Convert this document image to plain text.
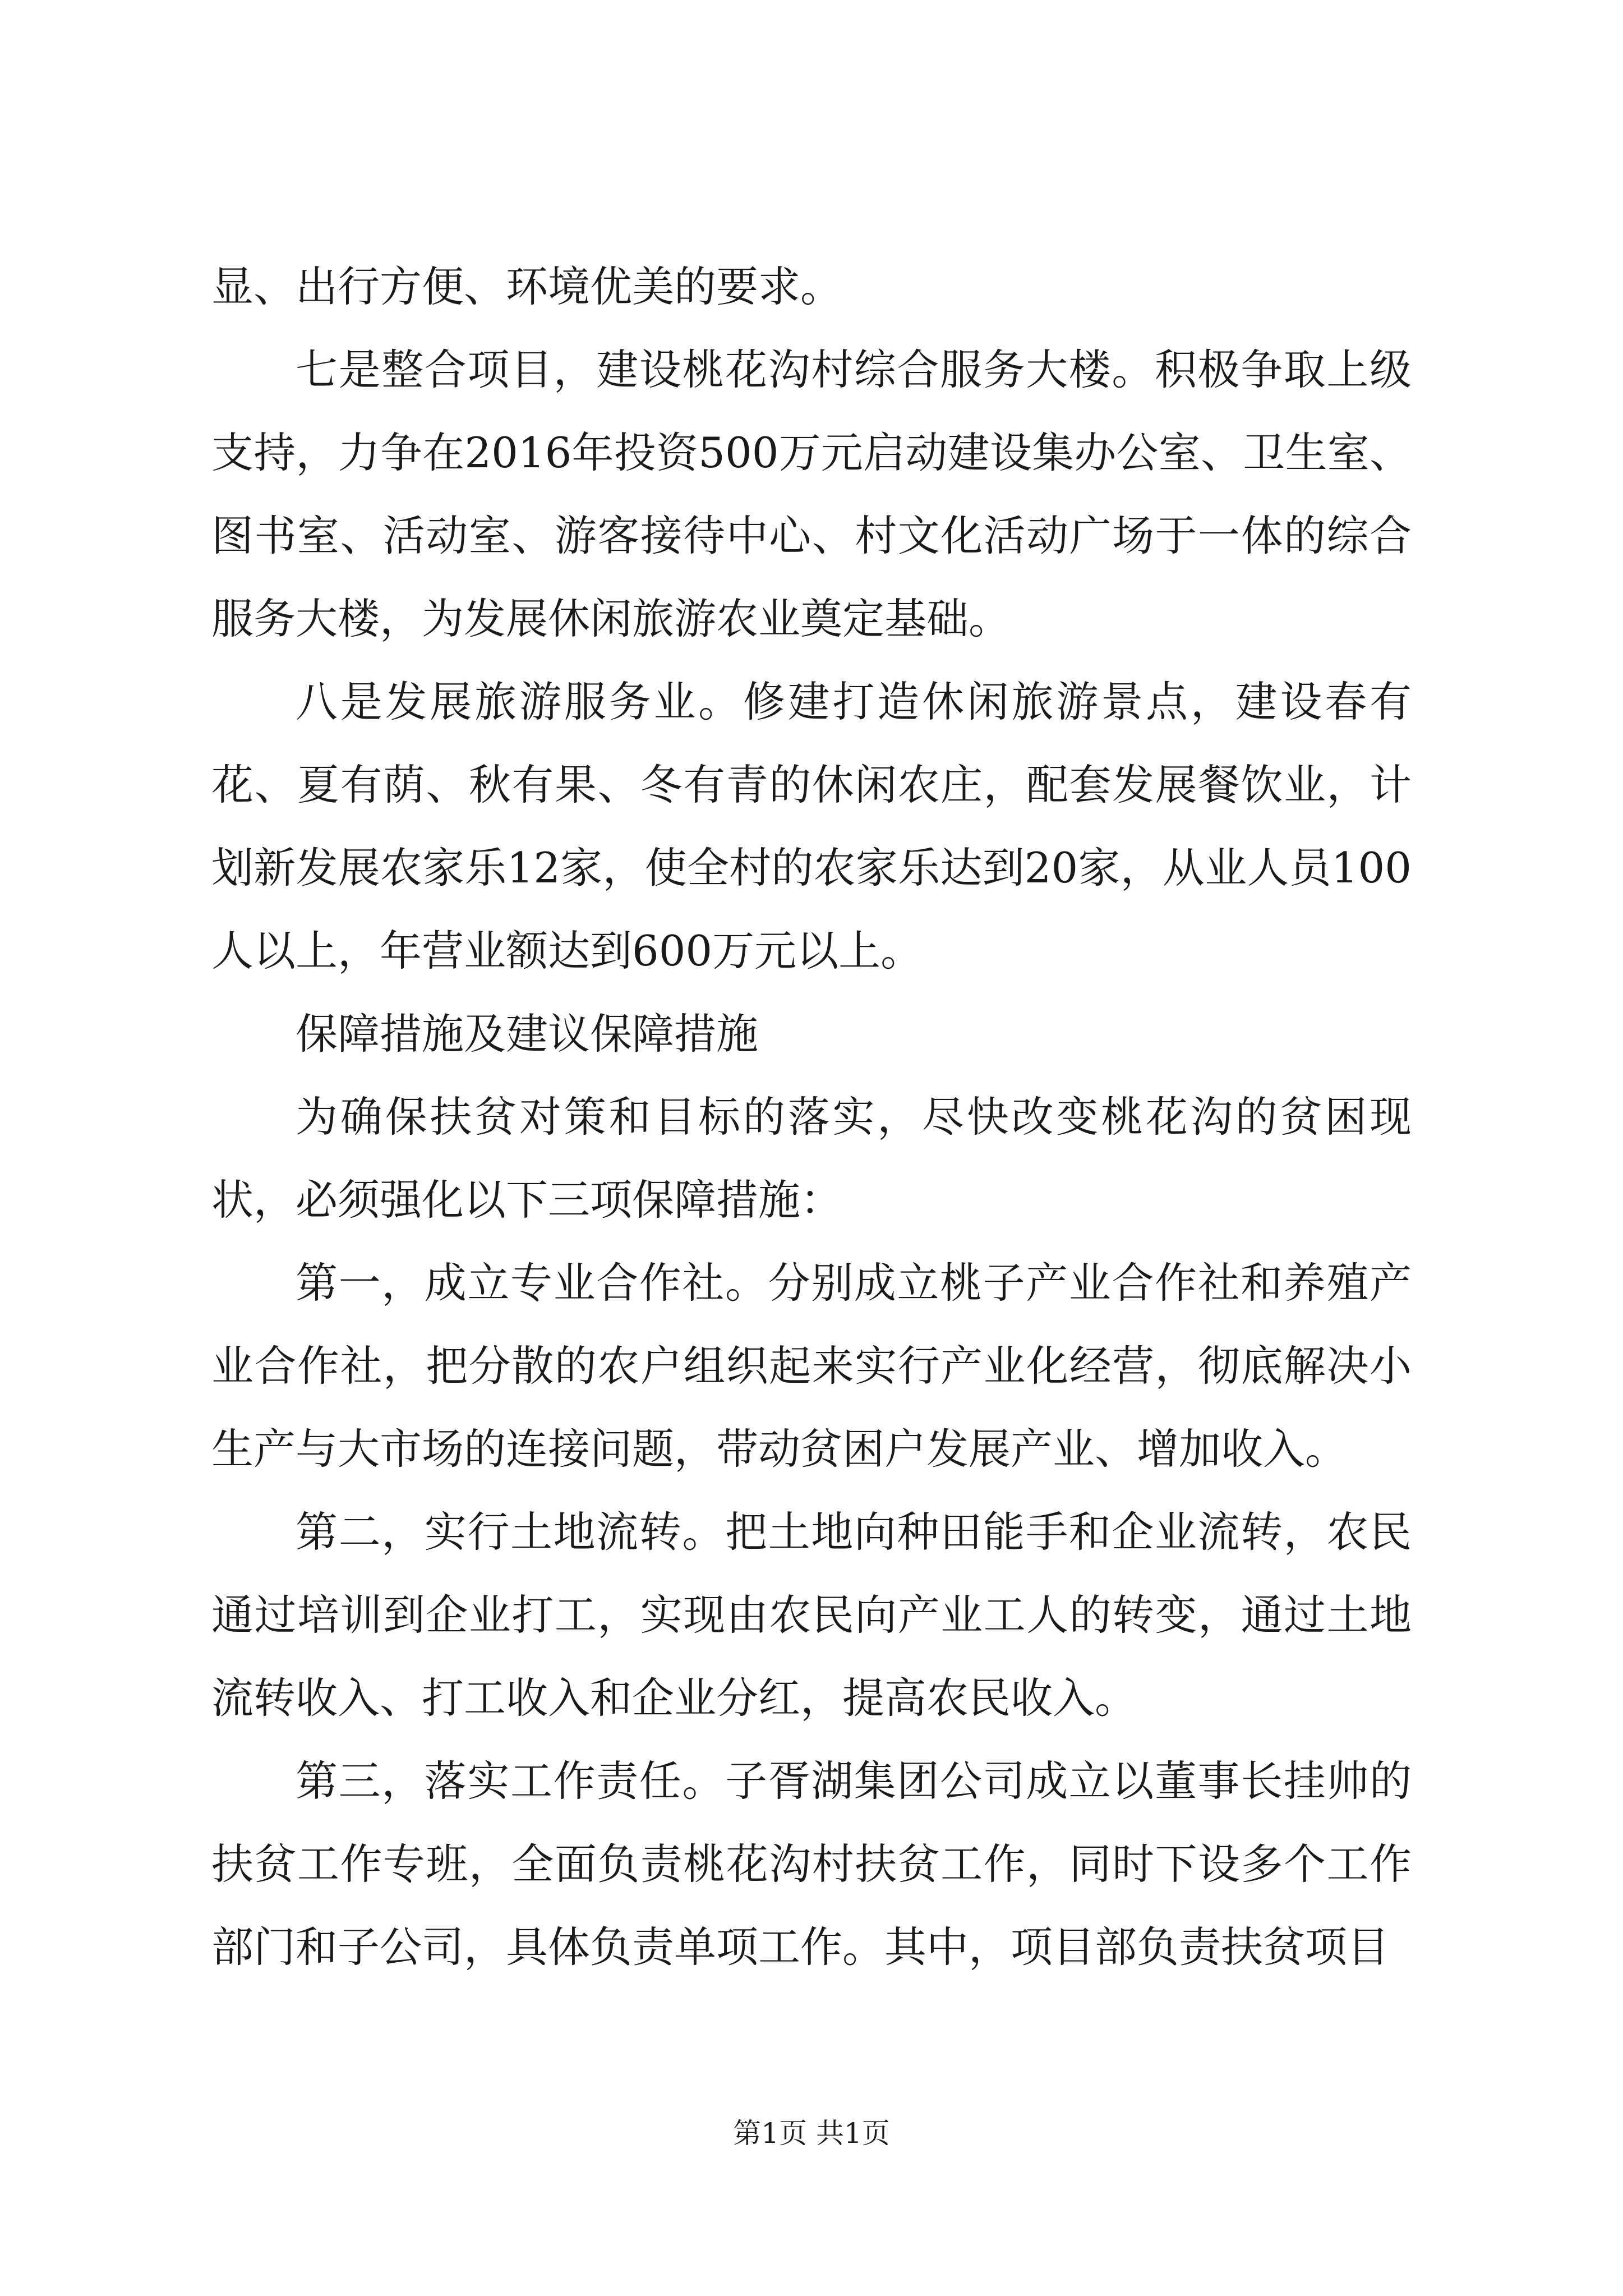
显、出行方便、环境优美的要求。

七是整合项目，建设桃花沟村综合服务大楼。积极争取上级支持，力争在2016年投资500万元启动建设集办公室、卫生室、图书室、活动室、游客接待中心、村文化活动广场于一体的综合服务大楼，为发展休闲旅游农业奠定基础。

八是发展旅游服务业。修建打造休闲旅游景点，建设春有花、夏有荫、秋有果、冬有青的休闲农庄，配套发展餐饮业，计划新发展农家乐12家，使全村的农家乐达到20家，从业人员100人以上，年营业额达到600万元以上。

保障措施及建议保障措施

为确保扶贫对策和目标的落实，尽快改变桃花沟的贫困现状，必须强化以下三项保障措施：

第一，成立专业合作社。分别成立桃子产业合作社和养殖产业合作社，把分散的农户组织起来实行产业化经营，彻底解决小生产与大市场的连接问题，带动贫困户发展产业、增加收入。

第二，实行土地流转。把土地向种田能手和企业流转，农民通过培训到企业打工，实现由农民向产业工人的转变，通过土地流转收入、打工收入和企业分红，提高农民收入。

第三，落实工作责任。子胥湖集团公司成立以董事长挂帅的扶贫工作专班，全面负责桃花沟村扶贫工作，同时下设多个工作部门和子公司，具体负责单项工作。其中，项目部负责扶贫项目

第1页 共1页
